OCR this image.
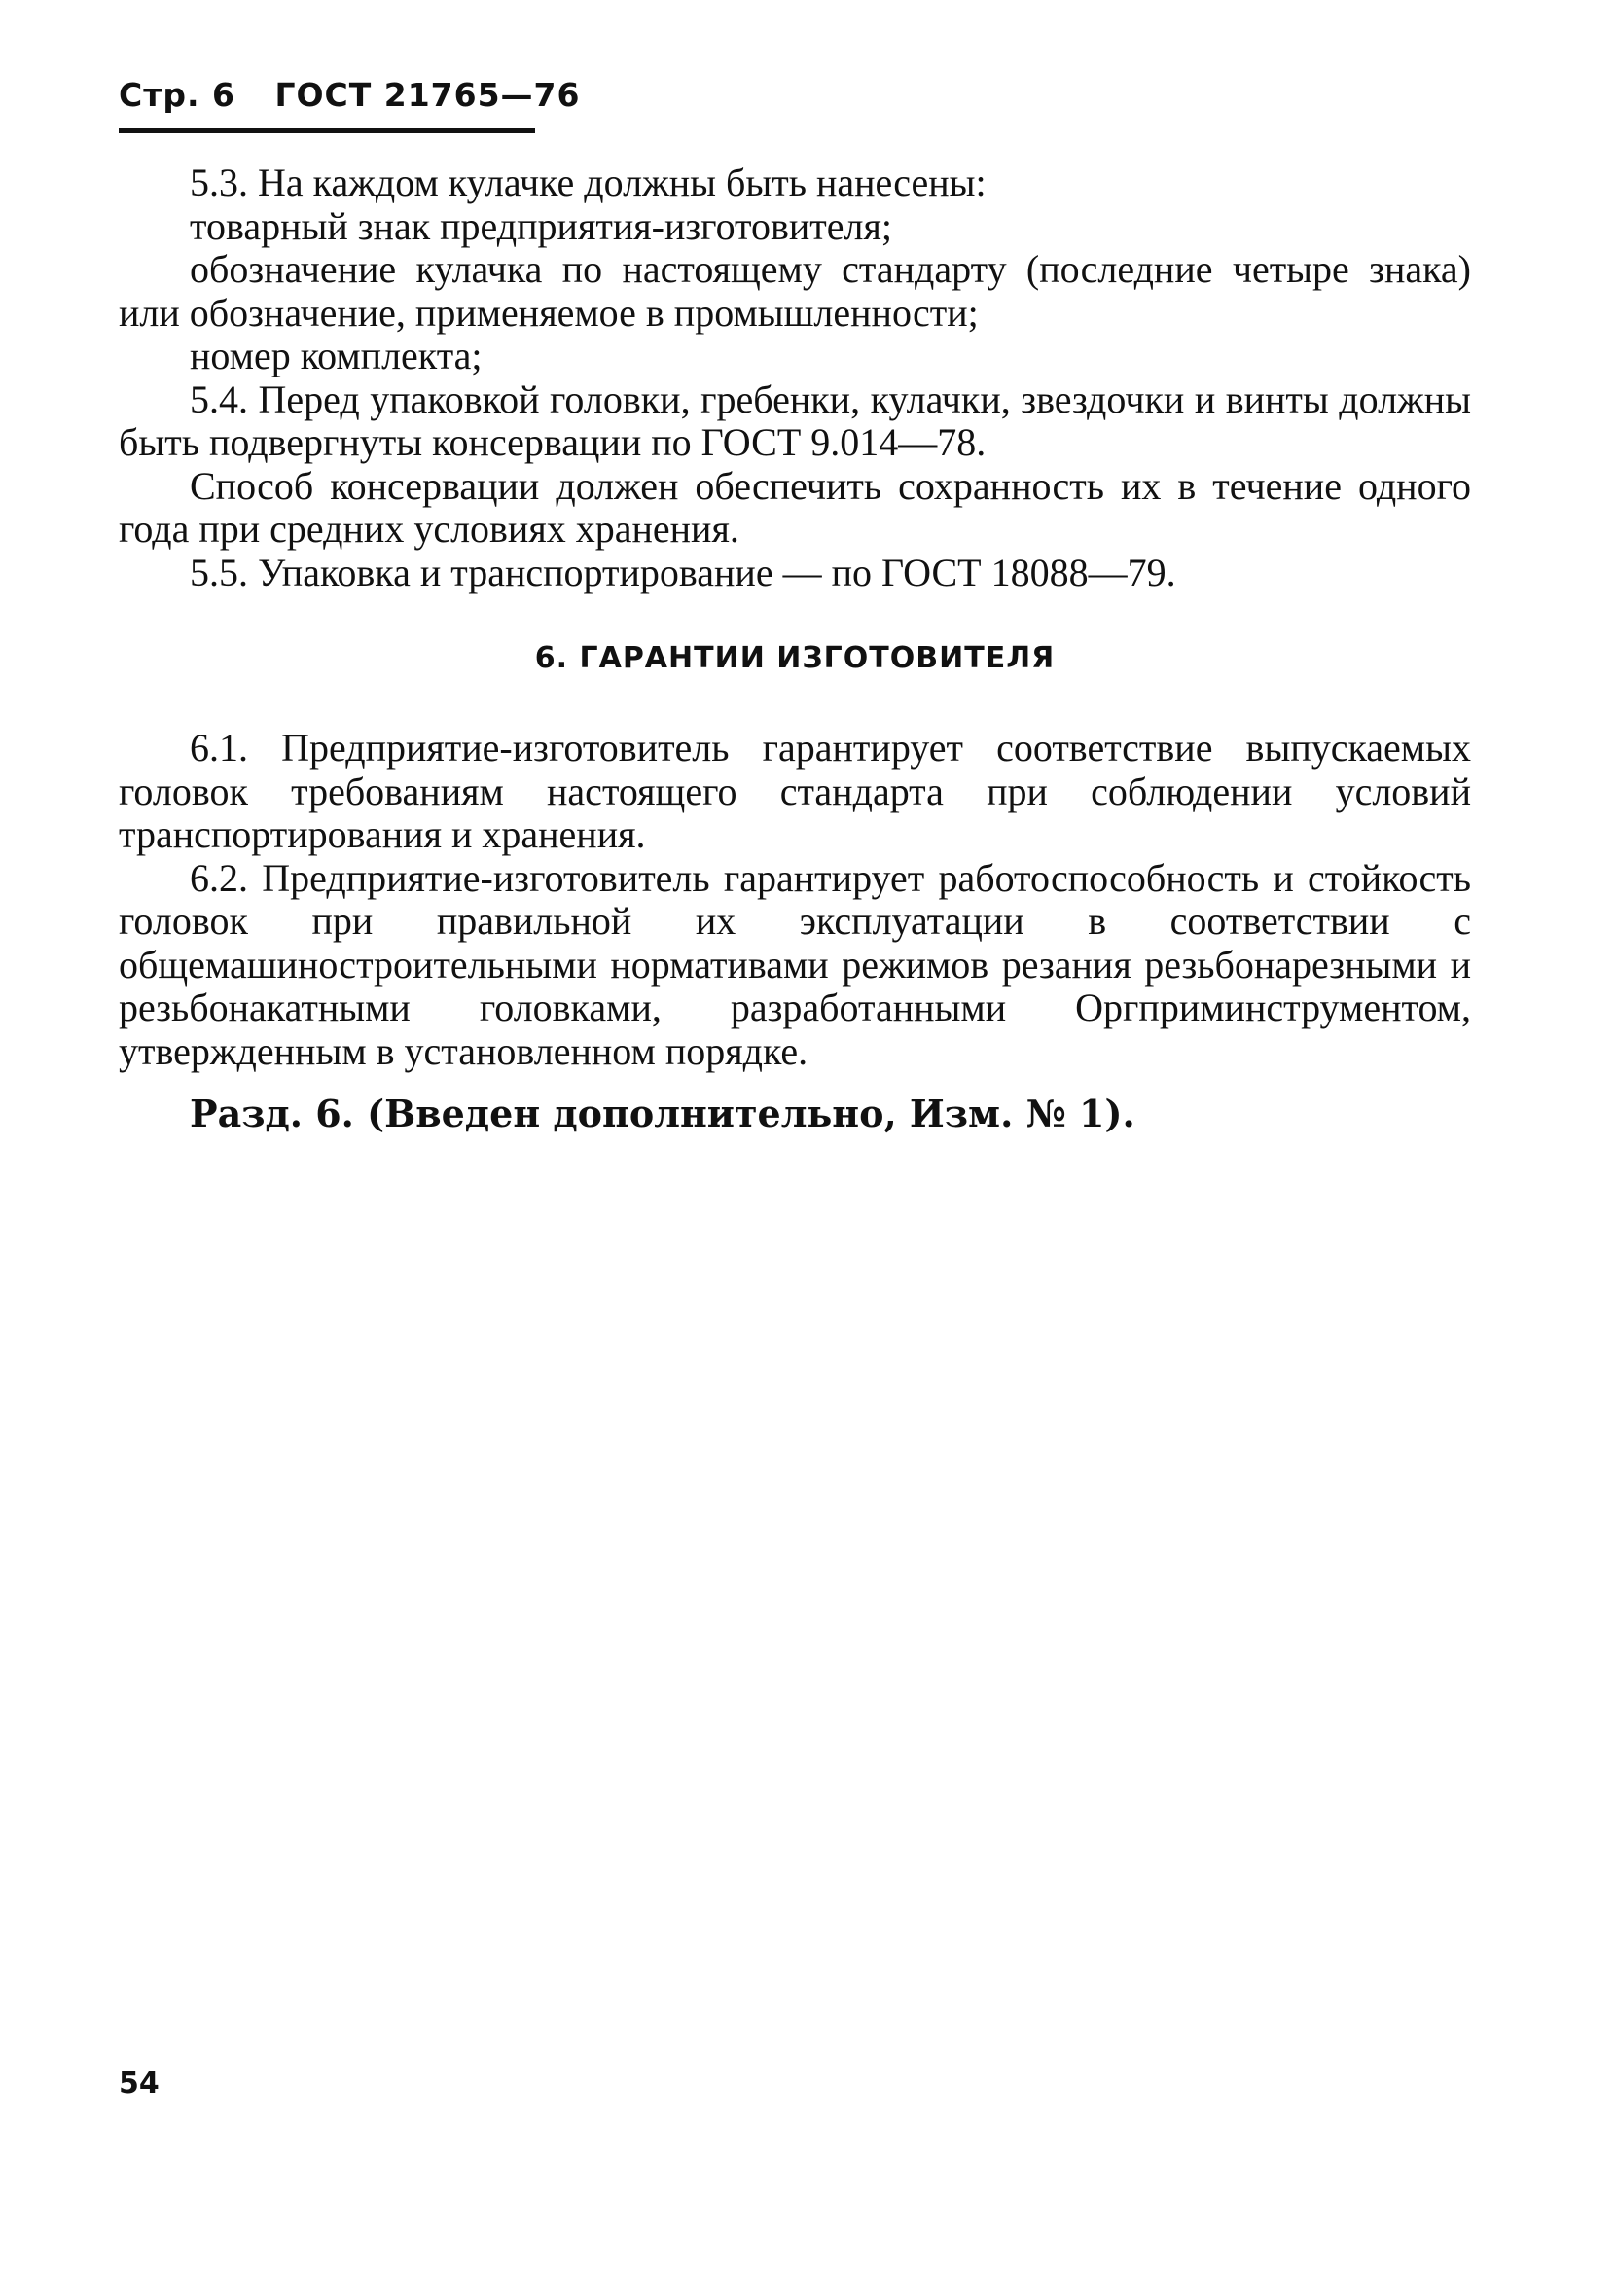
Стр. 6 ГОСТ 21765—76

5.3. На каждом кулачке должны быть нанесены:

товарный знак предприятия-изготовителя;

обозначение кулачка по настоящему стандарту (последние четыре знака) или обозначение, применяемое в промышленности;

номер комплекта;

5.4. Перед упаковкой головки, гребенки, кулачки, звездочки и винты должны быть подвергнуты консервации по ГОСТ 9.014—78.

Способ консервации должен обеспечить сохранность их в течение одного года при средних условиях хранения.

5.5. Упаковка и транспортирование — по ГОСТ 18088—79.

6. ГАРАНТИИ ИЗГОТОВИТЕЛЯ

6.1. Предприятие-изготовитель гарантирует соответствие выпускаемых головок требованиям настоящего стандарта при соблюдении условий транспортирования и хранения.

6.2. Предприятие-изготовитель гарантирует работоспособность и стойкость головок при правильной их эксплуатации в соответствии с общемашиностроительными нормативами режимов резания резьбонарезными и резьбонакатными головками, разработанными Оргприминструментом, утвержденным в установленном порядке.

Разд. 6. (Введен дополнительно, Изм. № 1).

54
